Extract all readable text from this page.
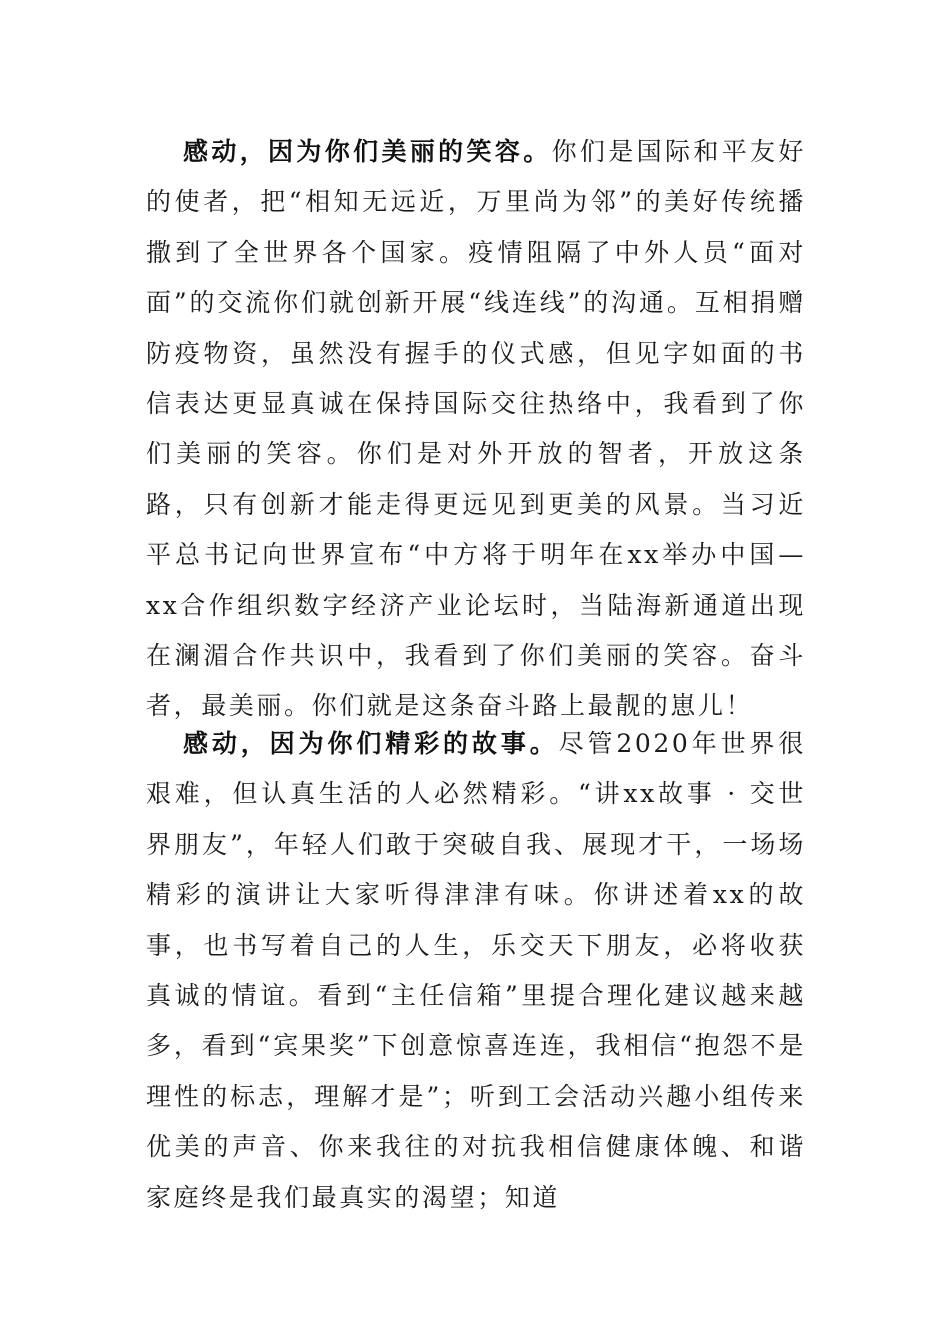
感动，因为你们美丽的笑容。你们是国际和平友好的使者，把“相知无远近，万里尚为邻”的美好传统播撒到了全世界各个国家。疫情阻隔了中外人员“面对面”的交流你们就创新开展“线连线”的沟通。互相捐赠防疫物资，虽然没有握手的仪式感，但见字如面的书信表达更显真诚在保持国际交往热络中，我看到了你们美丽的笑容。你们是对外开放的智者，开放这条路，只有创新才能走得更远见到更美的风景。当习近平总书记向世界宣布“中方将于明年在xx举办中国—xx合作组织数字经济产业论坛时，当陆海新通道出现在澜湄合作共识中，我看到了你们美丽的笑容。奋斗者，最美丽。你们就是这条奋斗路上最靓的崽儿！

感动，因为你们精彩的故事。尽管2020年世界很艰难，但认真生活的人必然精彩。“讲xx故事 · 交世界朋友”，年轻人们敢于突破自我、展现才干，一场场精彩的演讲让大家听得津津有味。你讲述着xx的故事，也书写着自己的人生，乐交天下朋友，必将收获真诚的情谊。看到“主任信箱”里提合理化建议越来越多，看到“宾果奖”下创意惊喜连连，我相信“抱怨不是理性的标志，理解才是”；听到工会活动兴趣小组传来优美的声音、你来我往的对抗我相信健康体魄、和谐家庭终是我们最真实的渴望；知道
